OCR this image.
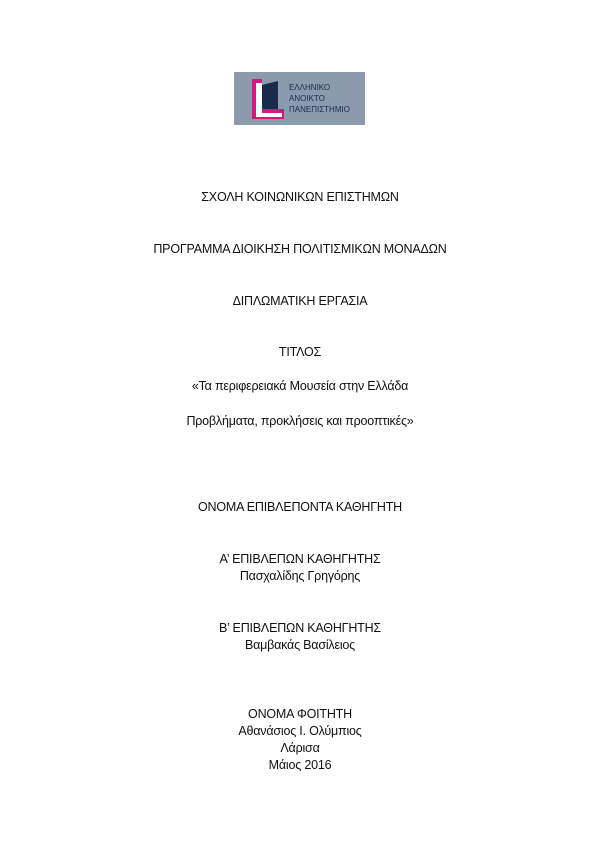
ΕΛΛΗΝΙΚΟ
ΑΝΟΙΚΤΟ
ΠΑΝΕΠΙΣΤΗΜΙΟ
ΣΧΟΛΗ ΚΟΙΝΩΝΙΚΩΝ ΕΠΙΣΤΗΜΩΝ
ΠΡΟΓΡΑΜΜΑ ΔΙΟΙΚΗΣΗ ΠΟΛΙΤΙΣΜΙΚΩΝ ΜΟΝΑΔΩΝ
ΔΙΠΛΩΜΑΤΙΚΗ ΕΡΓΑΣΙΑ
ΤΙΤΛΟΣ
«Τα περιφερειακά Μουσεία στην Ελλάδα
Προβλήματα, προκλήσεις και προοπτικές»
ΟΝΟΜΑ ΕΠΙΒΛΕΠΟΝΤΑ ΚΑΘΗΓΗΤΗ
Α’ ΕΠΙΒΛΕΠΩΝ ΚΑΘΗΓΗΤΗΣ
Πασχαλίδης Γρηγόρης
Β’ ΕΠΙΒΛΕΠΩΝ ΚΑΘΗΓΗΤΗΣ
Βαμβακάς Βασίλειος
ΟΝΟΜΑ ΦΟΙΤΗΤΗ
Αθανάσιος Ι. Ολύμπιος
Λάρισα
Μάιος 2016
